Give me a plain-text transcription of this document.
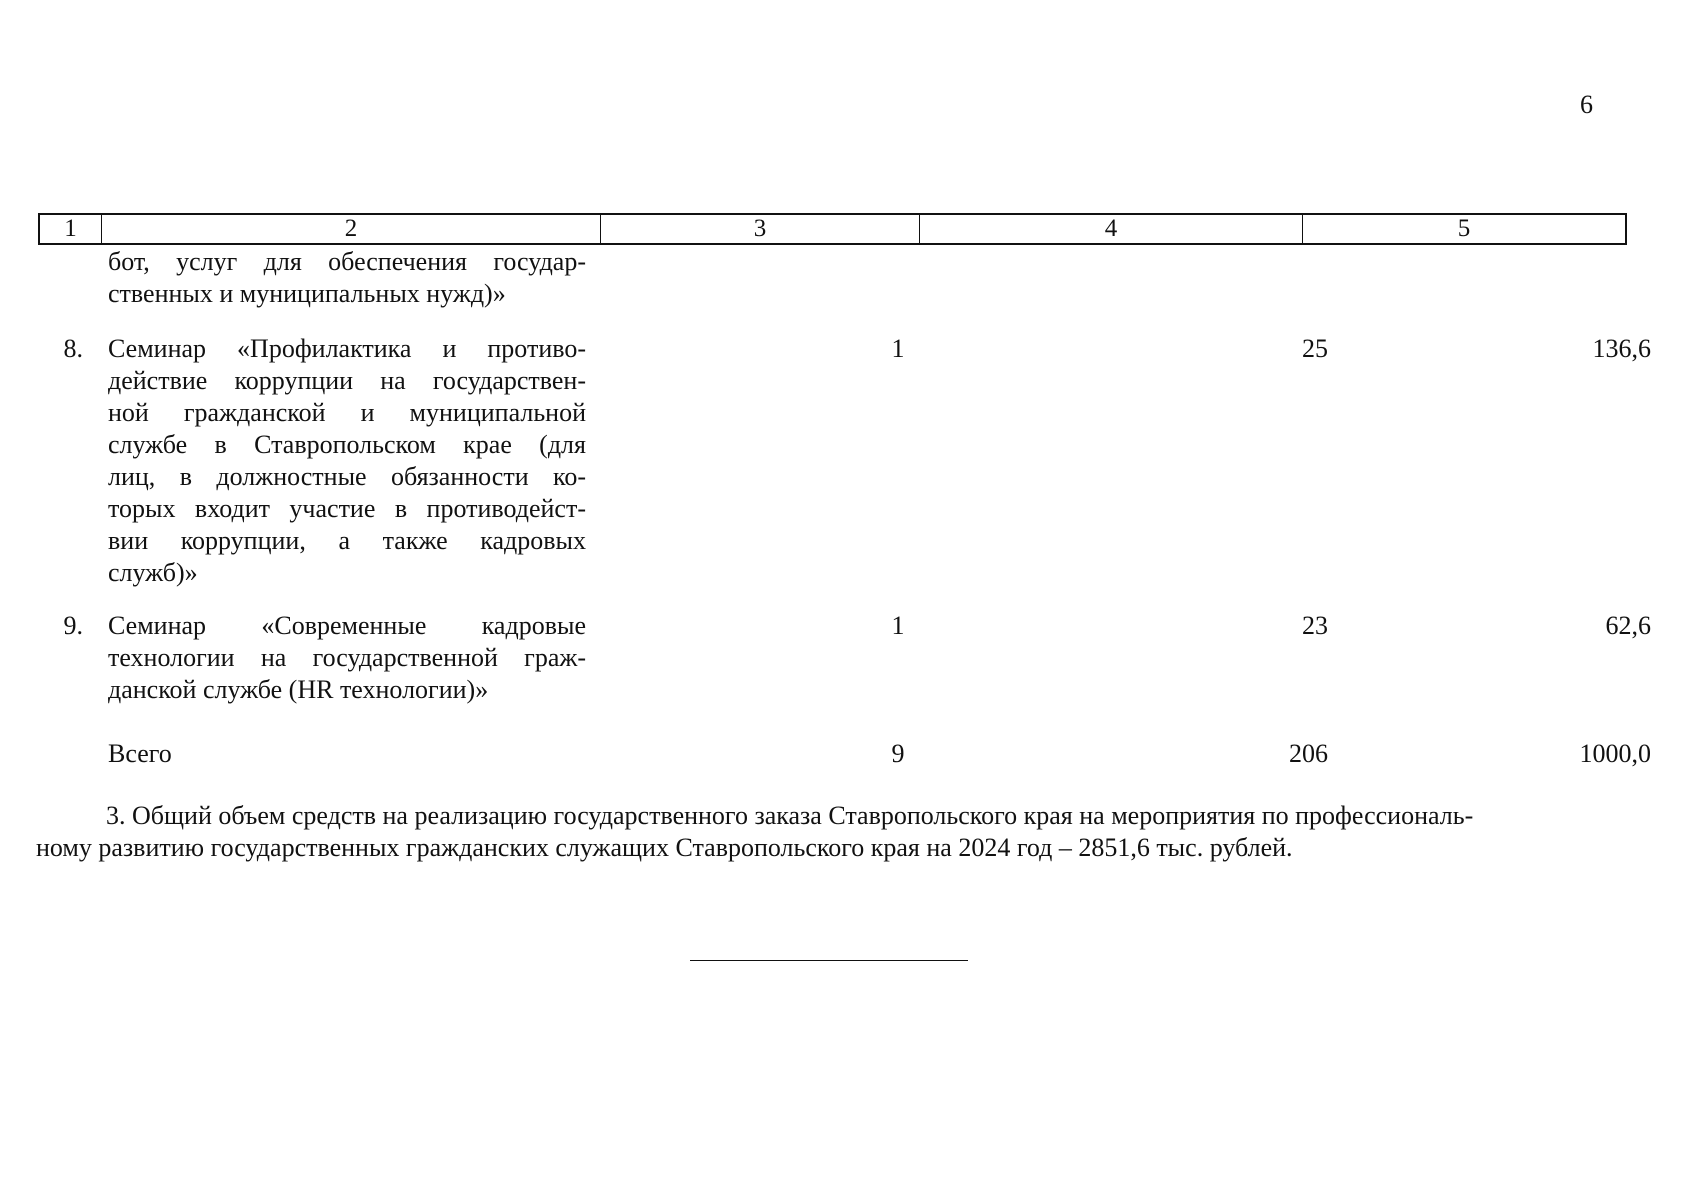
6
1	2	3	4	5
бот, услуг для обеспечения государ-
ственных и муниципальных нужд)»
8. Семинар «Профилактика и противо-
действие коррупции на государствен-
ной гражданской и муниципальной
службе в Ставропольском крае (для
лиц, в должностные обязанности ко-
торых входит участие в противодейст-
вии коррупции, а также кадровых
служб)»
1	25	136,6
9. Семинар «Современные кадровые
технологии на государственной граж-
данской службе (HR технологии)»
1	23	62,6
Всего	9	206	1000,0
3. Общий объем средств на реализацию государственного заказа Ставропольского края на мероприятия по профессиональ-
ному развитию государственных гражданских служащих Ставропольского края на 2024 год – 2851,6 тыс. рублей.
